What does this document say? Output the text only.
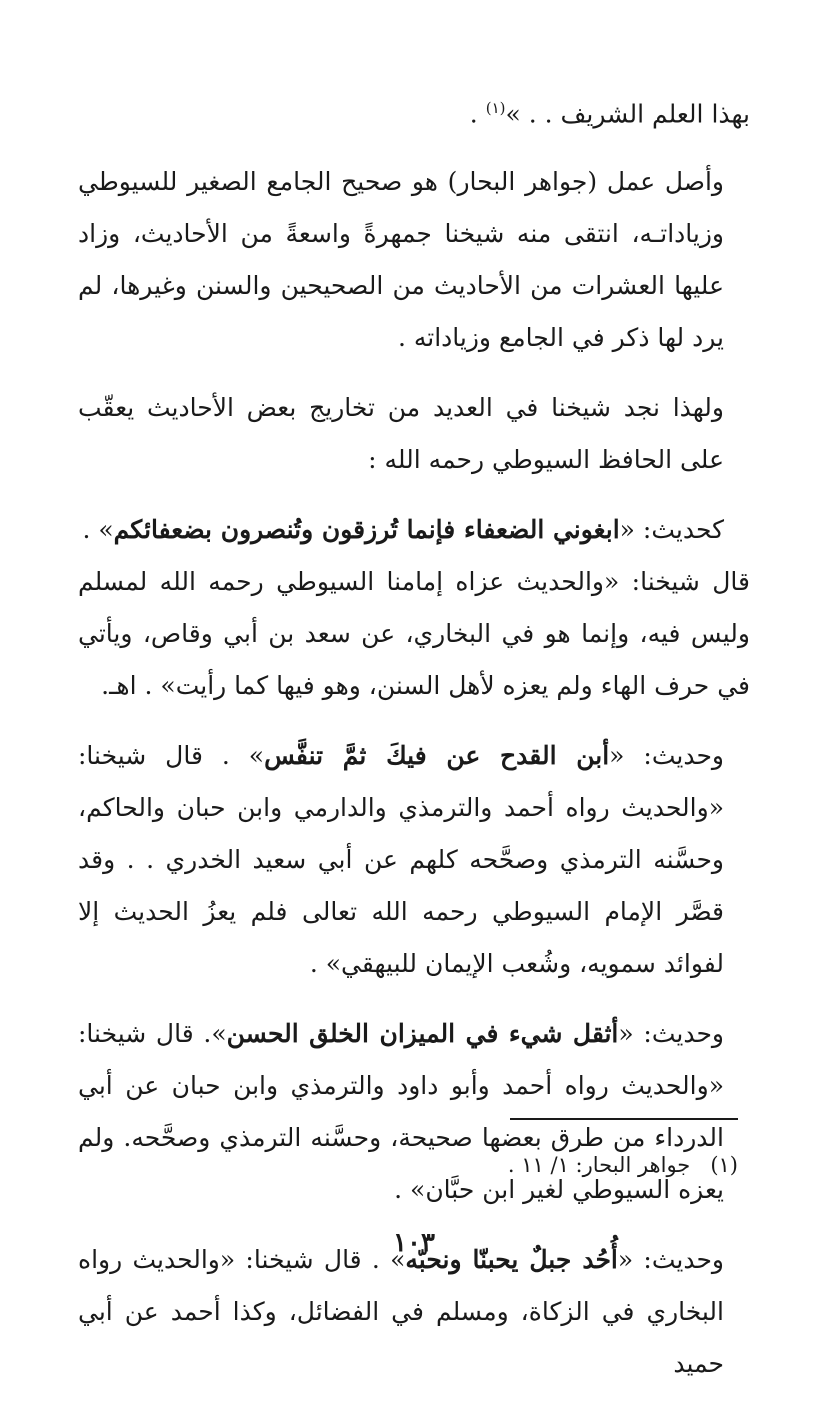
بهذا العلم الشريف . . »$^{(١)}$ .

وأصل عمل (جواهر البحار) هو صحيح الجامع الصغير للسيوطي وزياداتـه، انتقى منه شيخنا جمهرةً واسعةً من الأحاديث، وزاد عليها العشرات من الأحاديث من الصحيحين والسنن وغيرها، لم يرد لها ذكر في الجامع وزياداته .

ولهذا نجد شيخنا في العديد من تخاريج بعض الأحاديث يعقّب على الحافظ السيوطي رحمه الله :

كحديث: «ابغوني الضعفاء فإنما تُرزقون وتُنصرون بضعفائكم» .

قال شيخنا: «والحديث عزاه إمامنا السيوطي رحمه الله لمسلم وليس فيه، وإنما هو في البخاري، عن سعد بن أبي وقاص، ويأتي في حرف الهاء ولم يعزه لأهل السنن، وهو فيها كما رأيت» . اهـ.

وحديث: «أبن القدح عن فيكَ ثمَّ تنفَّس» . قال شيخنا: «والحديث رواه أحمد والترمذي والدارمي وابن حبان والحاكم، وحسَّنه الترمذي وصحَّحه كلهم عن أبي سعيد الخدري . . وقد قصَّر الإمام السيوطي رحمه الله تعالى فلم يعزُ الحديث إلا لفوائد سمويه، وشُعب الإيمان للبيهقي» .

وحديث: «أثقل شيء في الميزان الخلق الحسن». قال شيخنا: «والحديث رواه أحمد وأبو داود والترمذي وابن حبان عن أبي الدرداء من طرق بعضها صحيحة، وحسَّنه الترمذي وصحَّحه. ولم يعزه السيوطي لغير ابن حبَّان» .

وحديث: «أُحُد جبلٌ يحبنّا ونحبّه» . قال شيخنا: «والحديث رواه البخاري في الزكاة، ومسلم في الفضائل، وكذا أحمد عن أبي حميد

(١)   جواهر البحار: ١/ ١١ .
١٠٣
